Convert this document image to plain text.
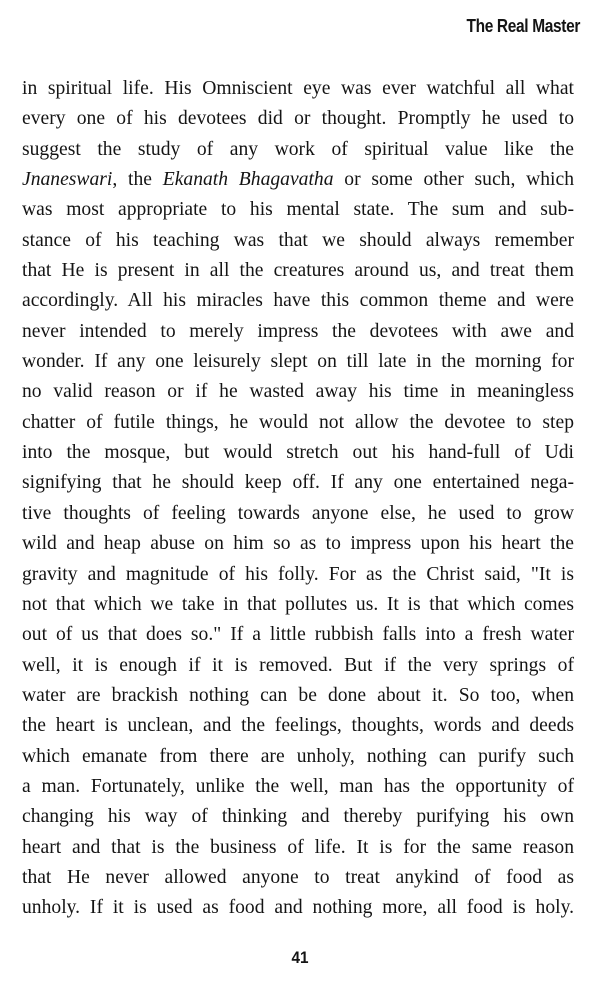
The Real Master
in spiritual life. His Omniscient eye was ever watchful all what
every one of his devotees did or thought. Promptly he used to
suggest the study of any work of spiritual value like the
Jnaneswari, the Ekanath Bhagavatha or some other such, which
was most appropriate to his mental state. The sum and sub-
stance of his teaching was that we should always remember
that He is present in all the creatures around us, and treat them
accordingly. All his miracles have this common theme and were
never intended to merely impress the devotees with awe and
wonder. If any one leisurely slept on till late in the morning for
no valid reason or if he wasted away his time in meaningless
chatter of futile things, he would not allow the devotee to step
into the mosque, but would stretch out his hand-full of Udi
signifying that he should keep off. If any one entertained nega-
tive thoughts of feeling towards anyone else, he used to grow
wild and heap abuse on him so as to impress upon his heart the
gravity and magnitude of his folly. For as the Christ said, "It is
not that which we take in that pollutes us. It is that which comes
out of us that does so." If a little rubbish falls into a fresh water
well, it is enough if it is removed. But if the very springs of
water are brackish nothing can be done about it. So too, when
the heart is unclean, and the feelings, thoughts, words and deeds
which emanate from there are unholy, nothing can purify such
a man. Fortunately, unlike the well, man has the opportunity of
changing his way of thinking and thereby purifying his own
heart and that is the business of life. It is for the same reason
that He never allowed anyone to treat anykind of food as
unholy. If it is used as food and nothing more, all food is holy.
41
